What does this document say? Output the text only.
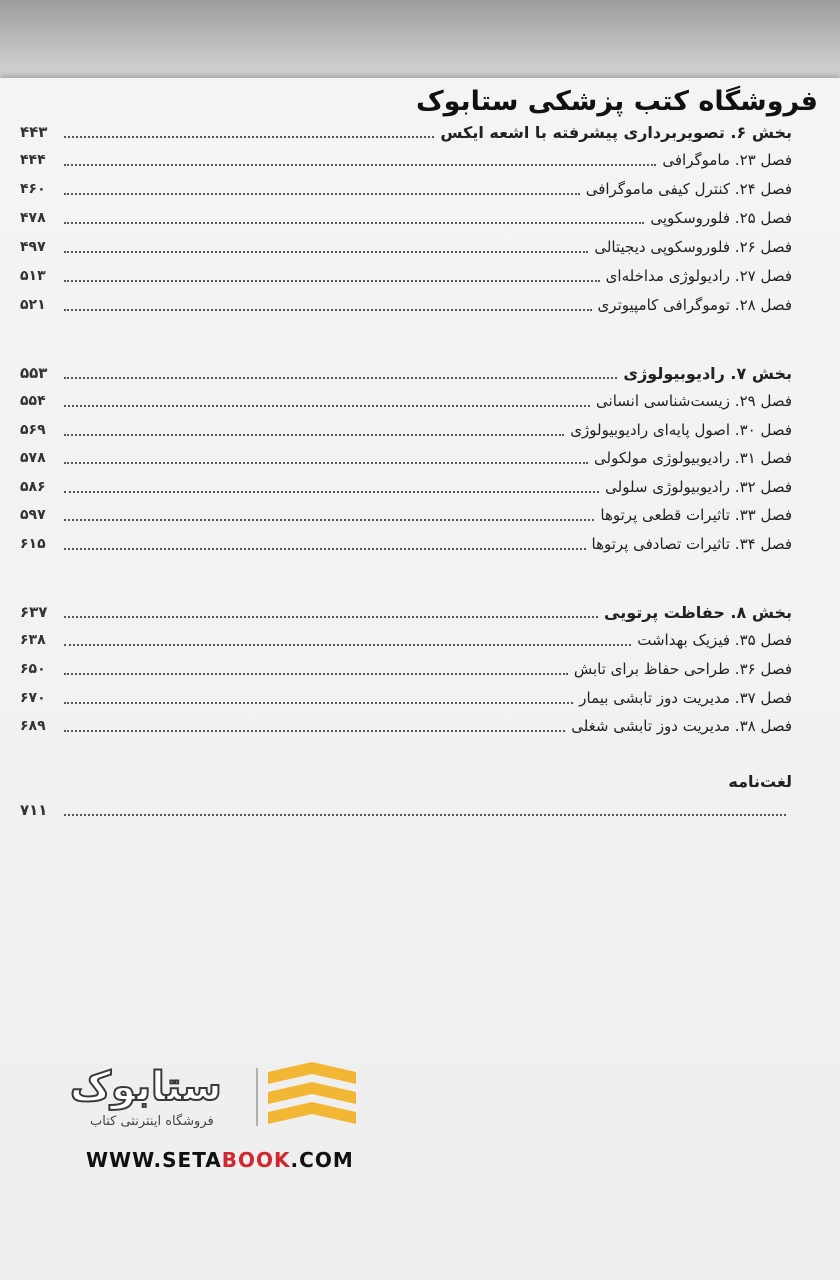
فروشگاه کتب پزشکی ستابوک
۴۴۳	بخش ۶. تصویربرداری پیشرفته با اشعه ایکس
۴۴۴	فصل ۲۳. ماموگرافی
۴۶۰	فصل ۲۴. کنترل کیفی ماموگرافی
۴۷۸	فصل ۲۵. فلوروسکوپی
۴۹۷	فصل ۲۶. فلوروسکوپی دیجیتالی
۵۱۳	فصل ۲۷. رادیولوژی مداخله‌ای
۵۲۱	فصل ۲۸. توموگرافی کامپیوتری
۵۵۳	بخش ۷. رادیوبیولوژی
۵۵۴	فصل ۲۹. زیست‌شناسی انسانی
۵۶۹	فصل ۳۰. اصول پایه‌ای رادیوبیولوژی
۵۷۸	فصل ۳۱. رادیوبیولوژی مولکولی
۵۸۶	فصل ۳۲. رادیوبیولوژی سلولی
۵۹۷	فصل ۳۳. تاثیرات قطعی پرتوها
۶۱۵	فصل ۳۴. تاثیرات تصادفی پرتوها
۶۳۷	بخش ۸. حفاظت پرتویی
۶۳۸	فصل ۳۵. فیزیک بهداشت
۶۵۰	فصل ۳۶. طراحی حفاظ برای تابش
۶۷۰	فصل ۳۷. مدیریت دوز تابشی بیمار
۶۸۹	فصل ۳۸. مدیریت دوز تابشی شغلی
لغت‌نامه
۷۱۱
ستابوک
فروشگاه اینترنتی کتاب
WWW.SETABOOK.COM
